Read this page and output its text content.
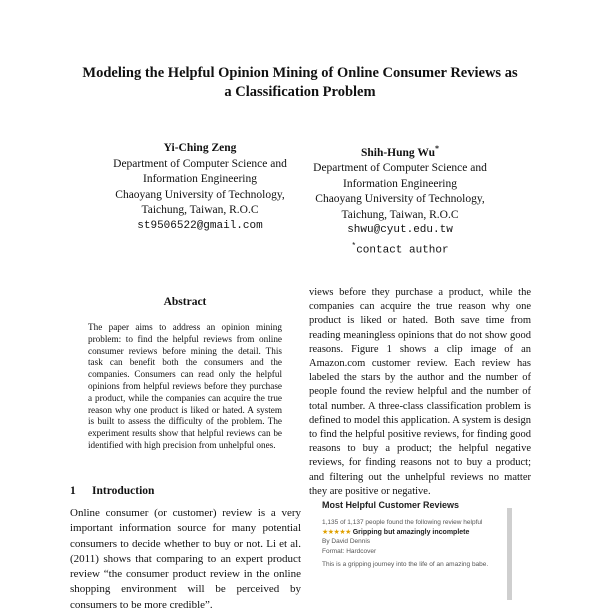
Modeling the Helpful Opinion Mining of Online Consumer Reviews as
a Classification Problem
Yi-Ching Zeng
Department of Computer Science and
Information Engineering
Chaoyang University of Technology,
Taichung, Taiwan, R.O.C
st9506522@gmail.com
Shih-Hung Wu*
Department of Computer Science and
Information Engineering
Chaoyang University of Technology,
Taichung, Taiwan, R.O.C
shwu@cyut.edu.tw
*contact author
Abstract
The paper aims to address an opinion mining problem: to find the helpful reviews from online consumer reviews before mining the detail. This task can benefit both the consumers and the companies. Consumers can read only the helpful opinions from helpful reviews before they purchase a product, while the companies can acquire the true reason why one product is liked or hated. A system is built to assess the difficulty of the problem. The experiment results show that helpful reviews can be identified with high precision from unhelpful ones.
1 Introduction
Online consumer (or customer) review is a very important information source for many potential consumers to decide whether to buy or not. Li et al. (2011) shows that comparing to an expert product review “the consumer product review in the online shopping environment will be perceived by consumers to be more credible”.
views before they purchase a product, while the companies can acquire the true reason why one product is liked or hated. Both save time from reading meaningless opinions that do not show good reasons. Figure 1 shows a clip image of an Amazon.com customer review. Each review has labeled the stars by the author and the number of people found the review helpful and the number of total number. A three-class classification problem is defined to model this application. A system is design to find the helpful positive reviews, for finding good reasons to buy a product; the helpful negative reviews, for finding reasons not to buy a product; and filtering out the unhelpful reviews no matter they are positive or negative.
Most Helpful Customer Reviews
1,135 of 1,137 people found the following review helpful
★★★★★ Gripping but amazingly incomplete
By David Dennis
Format: Hardcover
This is a gripping journey into the life of an amazing babe.
